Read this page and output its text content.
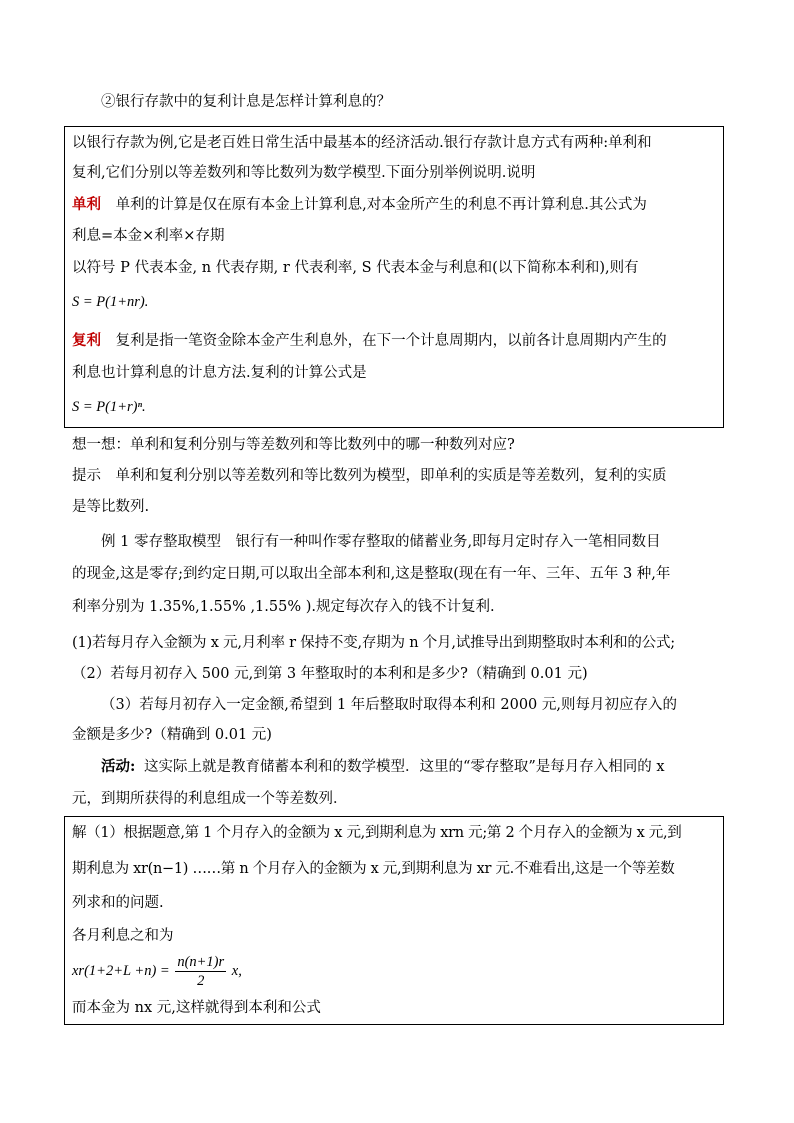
②银行存款中的复利计息是怎样计算利息的？
以银行存款为例,它是老百姓日常生活中最基本的经济活动.银行存款计息方式有两种:单利和
复利,它们分别以等差数列和等比数列为数学模型.下面分别举例说明.说明
单利 单利的计算是仅在原有本金上计算利息,对本金所产生的利息不再计算利息.其公式为
利息=本金×利率×存期
以符号 P 代表本金, n 代表存期, r 代表利率, S 代表本金与利息和(以下简称本利和),则有
S = P(1+nr).
复利 复利是指一笔资金除本金产生利息外，在下一个计息周期内，以前各计息周期内产生的
利息也计算利息的计息方法.复利的计算公式是
S = P(1+r)ⁿ.
想一想：单利和复利分别与等差数列和等比数列中的哪一种数列对应?
提示　单利和复利分别以等差数列和等比数列为模型，即单利的实质是等差数列，复利的实质
是等比数列.
例 1 零存整取模型　银行有一种叫作零存整取的储蓄业务,即每月定时存入一笔相同数目
的现金,这是零存;到约定日期,可以取出全部本利和,这是整取(现在有一年、三年、五年 3 种,年
利率分别为 1.35%,1.55% ,1.55% ).规定每次存入的钱不计复利.
(1)若每月存入金额为 x 元,月利率 r 保持不变,存期为 n 个月,试推导出到期整取时本利和的公式;
（2）若每月初存入 500 元,到第 3 年整取时的本利和是多少?（精确到 0.01 元)
（3）若每月初存入一定金额,希望到 1 年后整取时取得本利和 2000 元,则每月初应存入的
金额是多少?（精确到 0.01 元)
活动: 这实际上就是教育储蓄本利和的数学模型．这里的“零存整取”是每月存入相同的 x
元，到期所获得的利息组成一个等差数列．
解（1）根据题意,第 1 个月存入的金额为 x 元,到期利息为 xrn 元;第 2 个月存入的金额为 x 元,到
期利息为 xr(n−1) ……第 n 个月存入的金额为 x 元,到期利息为 xr 元.不难看出,这是一个等差数
列求和的问题.
各月利息之和为
$xr(1+2+L +n) = \frac{n(n+1)r}{2} x$,
而本金为 nx 元,这样就得到本利和公式
